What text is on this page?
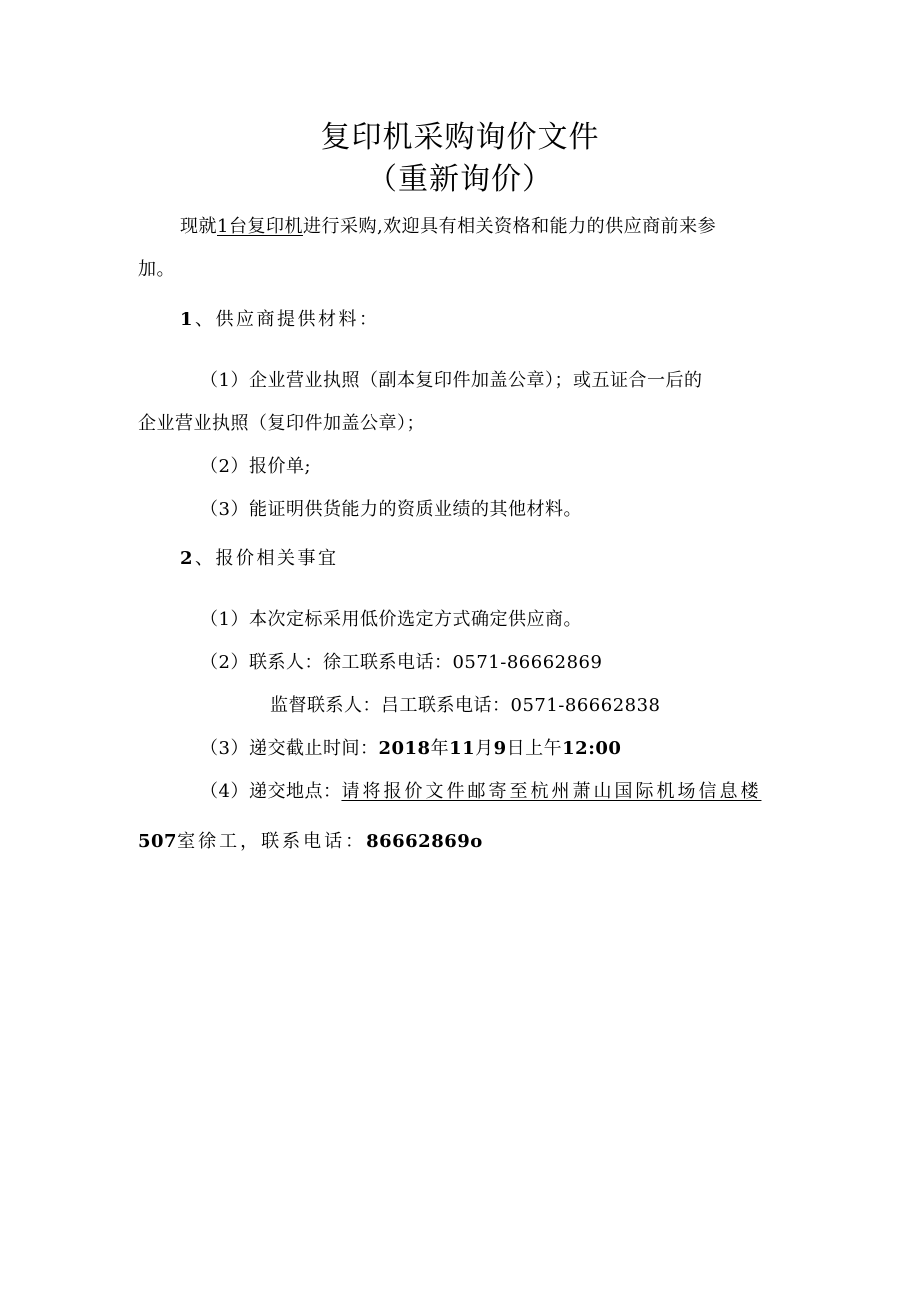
复印机采购询价文件
（重新询价）
现就1台复印机进行采购,欢迎具有相关资格和能力的供应商前来参
加。
1、供应商提供材料：
（1）企业营业执照（副本复印件加盖公章）；或五证合一后的
企业营业执照（复印件加盖公章）；
（2）报价单;
（3）能证明供货能力的资质业绩的其他材料。
2、报价相关事宜
（1）本次定标采用低价选定方式确定供应商。
（2）联系人：徐工联系电话：0571-86662869
监督联系人：吕工联系电话：0571-86662838
（3）递交截止时间：2018年11月9日上午12:00
（4）递交地点：请将报价文件邮寄至杭州萧山国际机场信息楼
507室徐工，联系电话：86662869o
